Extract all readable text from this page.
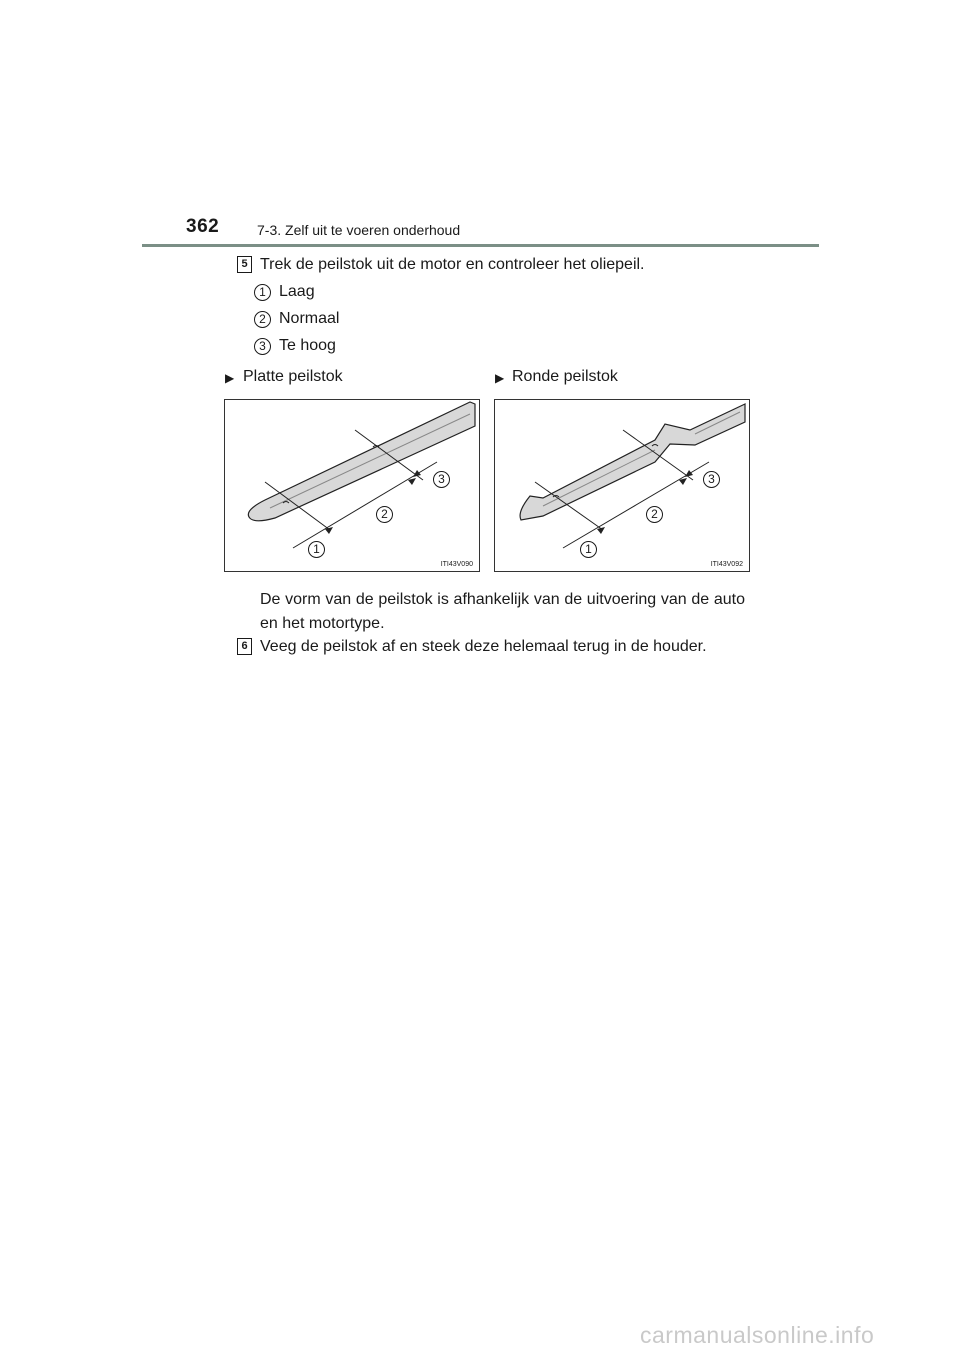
362	7-3. Zelf uit te voeren onderhoud
5 Trek de peilstok uit de motor en controleer het oliepeil.
1 Laag
2 Normaal
3 Te hoog
▶ Platte peilstok	▶ Ronde peilstok
1
2
3
ITI43V090
1
2
3
ITI43V092
De vorm van de peilstok is afhankelijk van de uitvoering van de auto en het motortype.
6 Veeg de peilstok af en steek deze helemaal terug in de houder.
carmanualsonline.info
